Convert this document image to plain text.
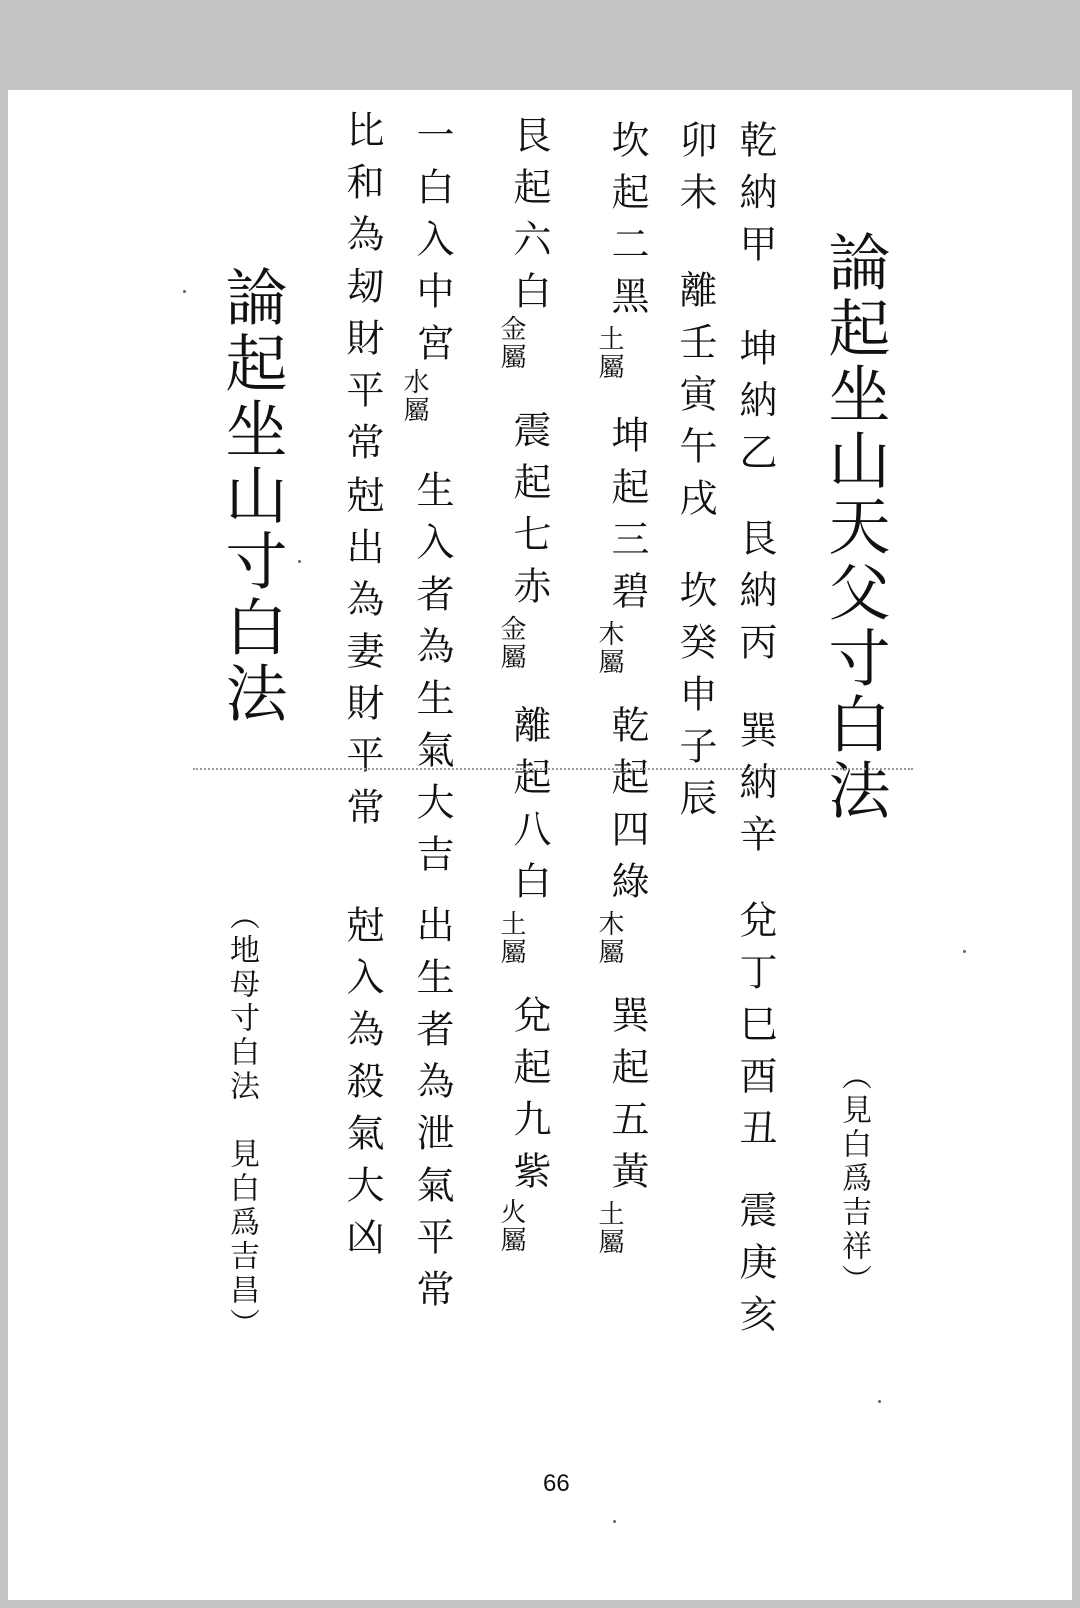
論起坐山天父寸白法
（見白爲吉祥）
乾納甲
坤納乙
艮納丙
巽納辛
兌丁巳酉丑
震庚亥
卯未
離壬寅午戌
坎癸申子辰
坎起二黑
土屬
坤起三碧
木屬
乾起四綠
木屬
巽起五黃
土屬
艮起六白
金屬
震起七赤
金屬
離起八白
土屬
兌起九紫
火屬
一白入中宮
水屬
生入者為生氣大吉
出生者為泄氣平常
比和為刼財平常
尅出為妻財平常
尅入為殺氣大凶
論起坐山寸白法
（地母寸白法　見白爲吉昌）
66
